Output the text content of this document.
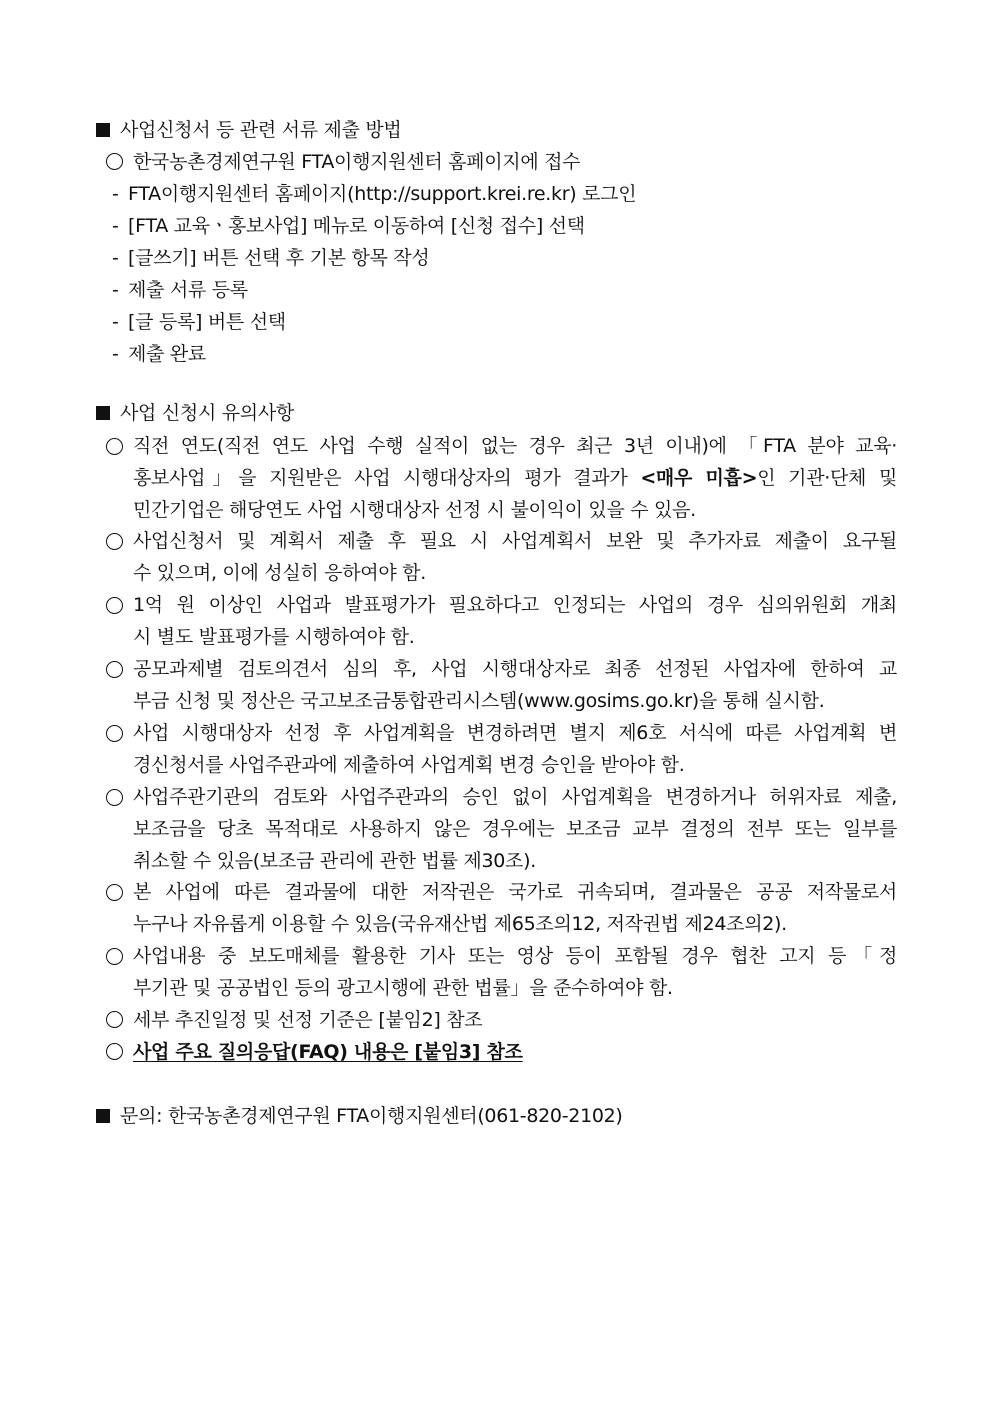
사업신청서 등 관련 서류 제출 방법
한국농촌경제연구원 FTA이행지원센터 홈페이지에 접수
- FTA이행지원센터 홈페이지(http://support.krei.re.kr) 로그인
- [FTA 교육ㆍ홍보사업] 메뉴로 이동하여 [신청 접수] 선택
- [글쓰기] 버튼 선택 후 기본 항목 작성
- 제출 서류 등록
- [글 등록] 버튼 선택
- 제출 완료
사업 신청시 유의사항
직전 연도(직전 연도 사업 수행 실적이 없는 경우 최근 3년 이내)에 「FTA 분야 교육·
홍보사업」을 지원받은 사업 시행대상자의 평가 결과가 <매우 미흡>인 기관·단체 및
민간기업은 해당연도 사업 시행대상자 선정 시 불이익이 있을 수 있음.
사업신청서 및 계획서 제출 후 필요 시 사업계획서 보완 및 추가자료 제출이 요구될
수 있으며, 이에 성실히 응하여야 함.
1억 원 이상인 사업과 발표평가가 필요하다고 인정되는 사업의 경우 심의위원회 개최
시 별도 발표평가를 시행하여야 함.
공모과제별 검토의견서 심의 후, 사업 시행대상자로 최종 선정된 사업자에 한하여 교
부금 신청 및 정산은 국고보조금통합관리시스템(www.gosims.go.kr)을 통해 실시함.
사업 시행대상자 선정 후 사업계획을 변경하려면 별지 제6호 서식에 따른 사업계획 변
경신청서를 사업주관과에 제출하여 사업계획 변경 승인을 받아야 함.
사업주관기관의 검토와 사업주관과의 승인 없이 사업계획을 변경하거나 허위자료 제출,
보조금을 당초 목적대로 사용하지 않은 경우에는 보조금 교부 결정의 전부 또는 일부를
취소할 수 있음(보조금 관리에 관한 법률 제30조).
본 사업에 따른 결과물에 대한 저작권은 국가로 귀속되며, 결과물은 공공 저작물로서
누구나 자유롭게 이용할 수 있음(국유재산법 제65조의12, 저작권법 제24조의2).
사업내용 중 보도매체를 활용한 기사 또는 영상 등이 포함될 경우 협찬 고지 등「정
부기관 및 공공법인 등의 광고시행에 관한 법률」을 준수하여야 함.
세부 추진일정 및 선정 기준은 [붙임2] 참조
사업 주요 질의응답(FAQ) 내용은 [붙임3] 참조
문의: 한국농촌경제연구원 FTA이행지원센터(061-820-2102)
